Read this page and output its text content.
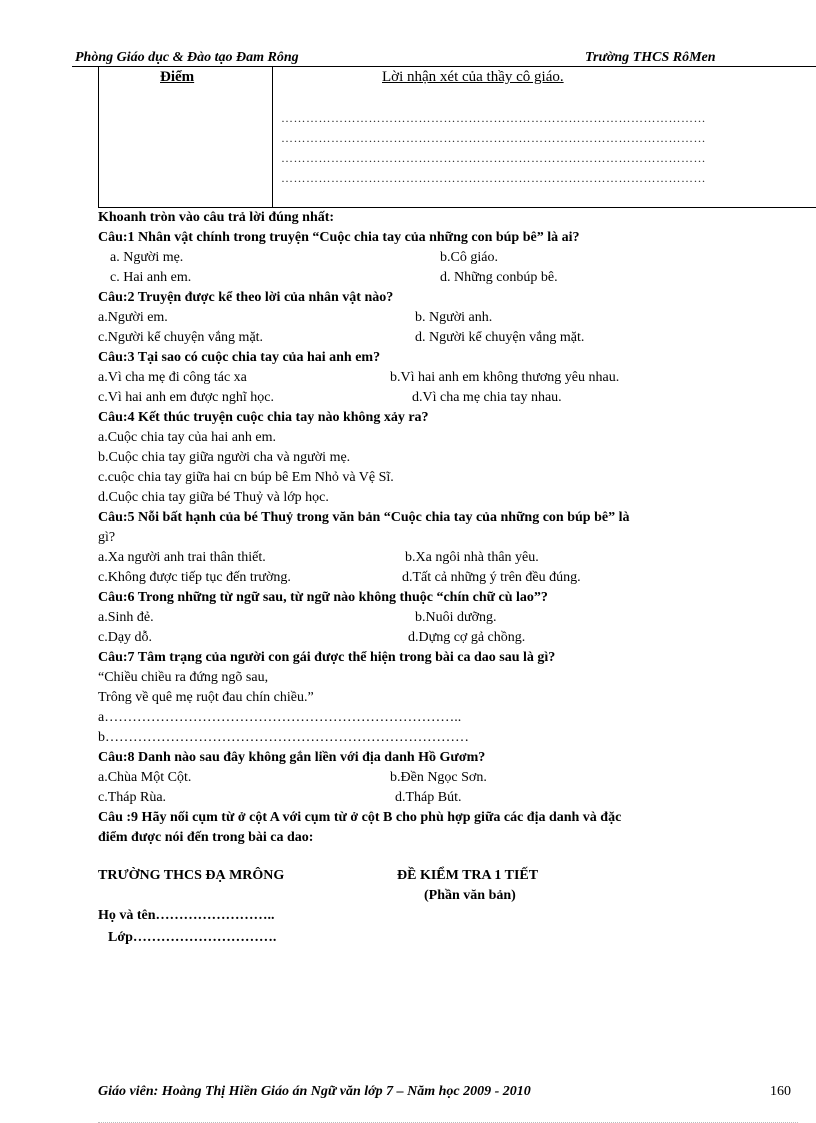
Phòng Giáo dục & Đào tạo Đam Rông	Trường THCS RôMen
Điểm	Lời nhận xét của thầy cô giáo.
…………………………………………………………………………………………
…………………………………………………………………………………………
…………………………………………………………………………………………
…………………………………………………………………………………………
Khoanh tròn vào câu trả lời đúng nhất:
Câu:1 Nhân vật chính trong truyện “Cuộc chia tay của những con búp bê” là ai?
a. Người mẹ.	b.Cô giáo.
c. Hai anh em.	d. Những conbúp bê.
Câu:2 Truyện được kể theo lời của nhân vật nào?
a.Người em.	b. Người anh.
c.Người kể chuyện vắng mặt.	d. Người kể chuyện vắng mặt.
Câu:3 Tại sao có cuộc chia tay của hai anh em?
a.Vì cha mẹ đi công tác xa	b.Vì hai anh em không thương yêu nhau.
c.Vì hai anh em được nghĩ học.	d.Vì cha mẹ chia tay nhau.
Câu:4 Kết thúc truyện cuộc chia tay nào không xảy ra?
a.Cuộc chia tay của hai anh em.
b.Cuộc chia tay giữa người cha và người mẹ.
c.cuộc chia tay giữa hai cn búp bê Em Nhỏ và Vệ Sĩ.
d.Cuộc chia tay giữa bé Thuỷ và lớp học.
Câu:5 Nỗi bất hạnh của bé Thuỷ trong văn bản “Cuộc chia tay của những con búp bê” là
gì?
a.Xa người anh trai thân thiết.	b.Xa ngôi nhà thân yêu.
c.Không được tiếp tục đến trường.	d.Tất cả những ý trên đều đúng.
Câu:6 Trong những từ ngữ sau, từ ngữ nào không thuộc “chín chữ cù lao”?
a.Sinh đẻ.	b.Nuôi dưỡng.
c.Dạy dỗ.	d.Dựng cợ gả chồng.
Câu:7 Tâm trạng của người con gái được thể hiện trong bài ca dao sau là gì?
“Chiều chiều ra đứng ngõ sau,
Trông về quê mẹ ruột đau chín chiều.”
a…………………………………………………………………..
b……………………………………………………………………
Câu:8 Danh nào sau đây không gắn liền với địa danh Hồ Gươm?
a.Chùa Một Cột.	b.Đền Ngọc Sơn.
c.Tháp Rùa.	d.Tháp Bút.
Câu :9 Hãy nối cụm từ ở cột A với cụm từ ở cột B cho phù hợp giữa các địa danh và đặc
điểm được nói đến trong bài ca dao:
TRƯỜNG THCS ĐẠ MRÔNG	ĐỀ KIỂM TRA 1 TIẾT
(Phần văn bản)
Họ và tên……………………..
Lớp………………………….
Giáo viên: Hoàng Thị Hiền Giáo án Ngữ văn lớp 7 – Năm học 2009 - 2010	160
